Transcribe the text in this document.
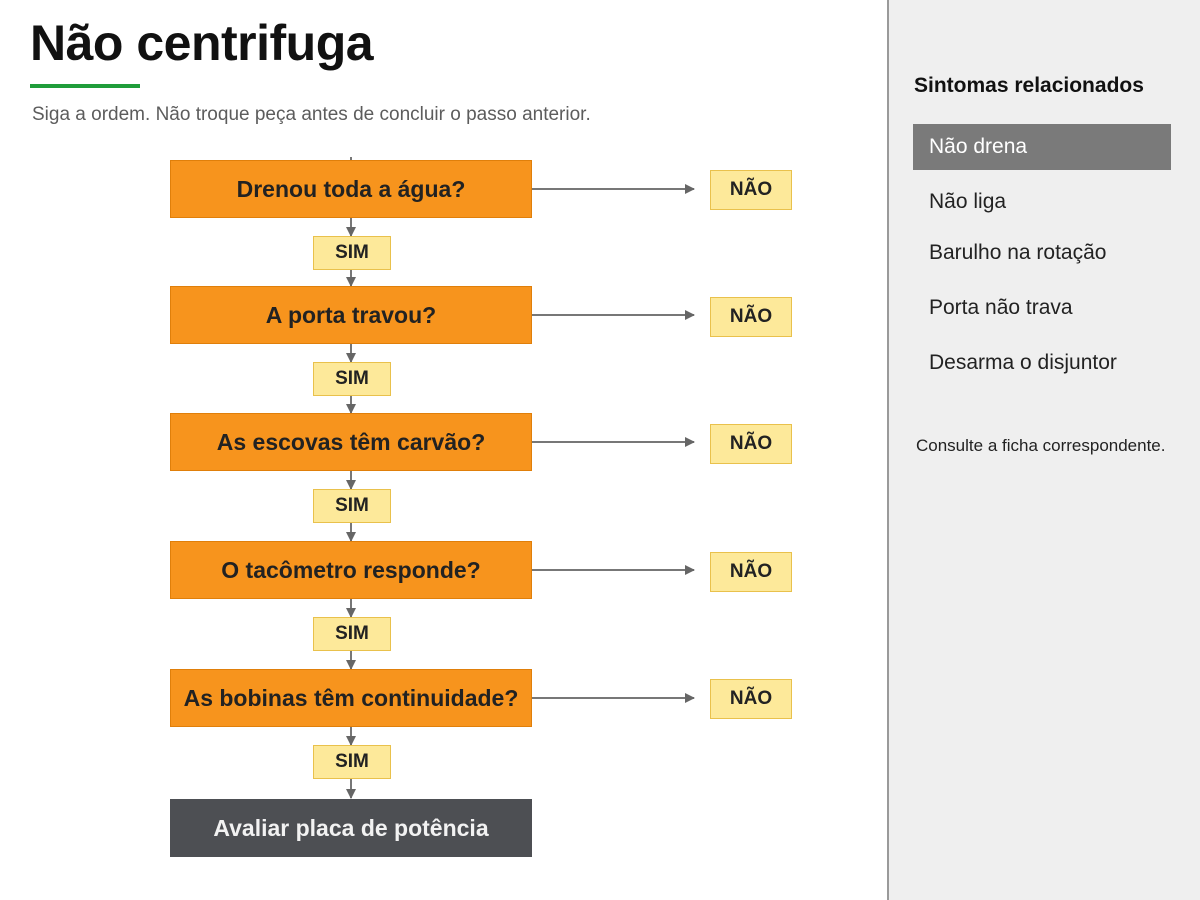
Não centrifuga

Siga a ordem. Não troque peça antes de concluir o passo anterior.

Drenou toda a água?
SIM
NÃO
A porta travou?
SIM
NÃO
As escovas têm carvão?
SIM
NÃO
O tacômetro responde?
SIM
NÃO
As bobinas têm continuidade?
SIM
NÃO
Avaliar placa de potência
Sintomas relacionados
Não drena
Não liga
Barulho na rotação
Porta não trava
Desarma o disjuntor

Consulte a ficha correspondente.
